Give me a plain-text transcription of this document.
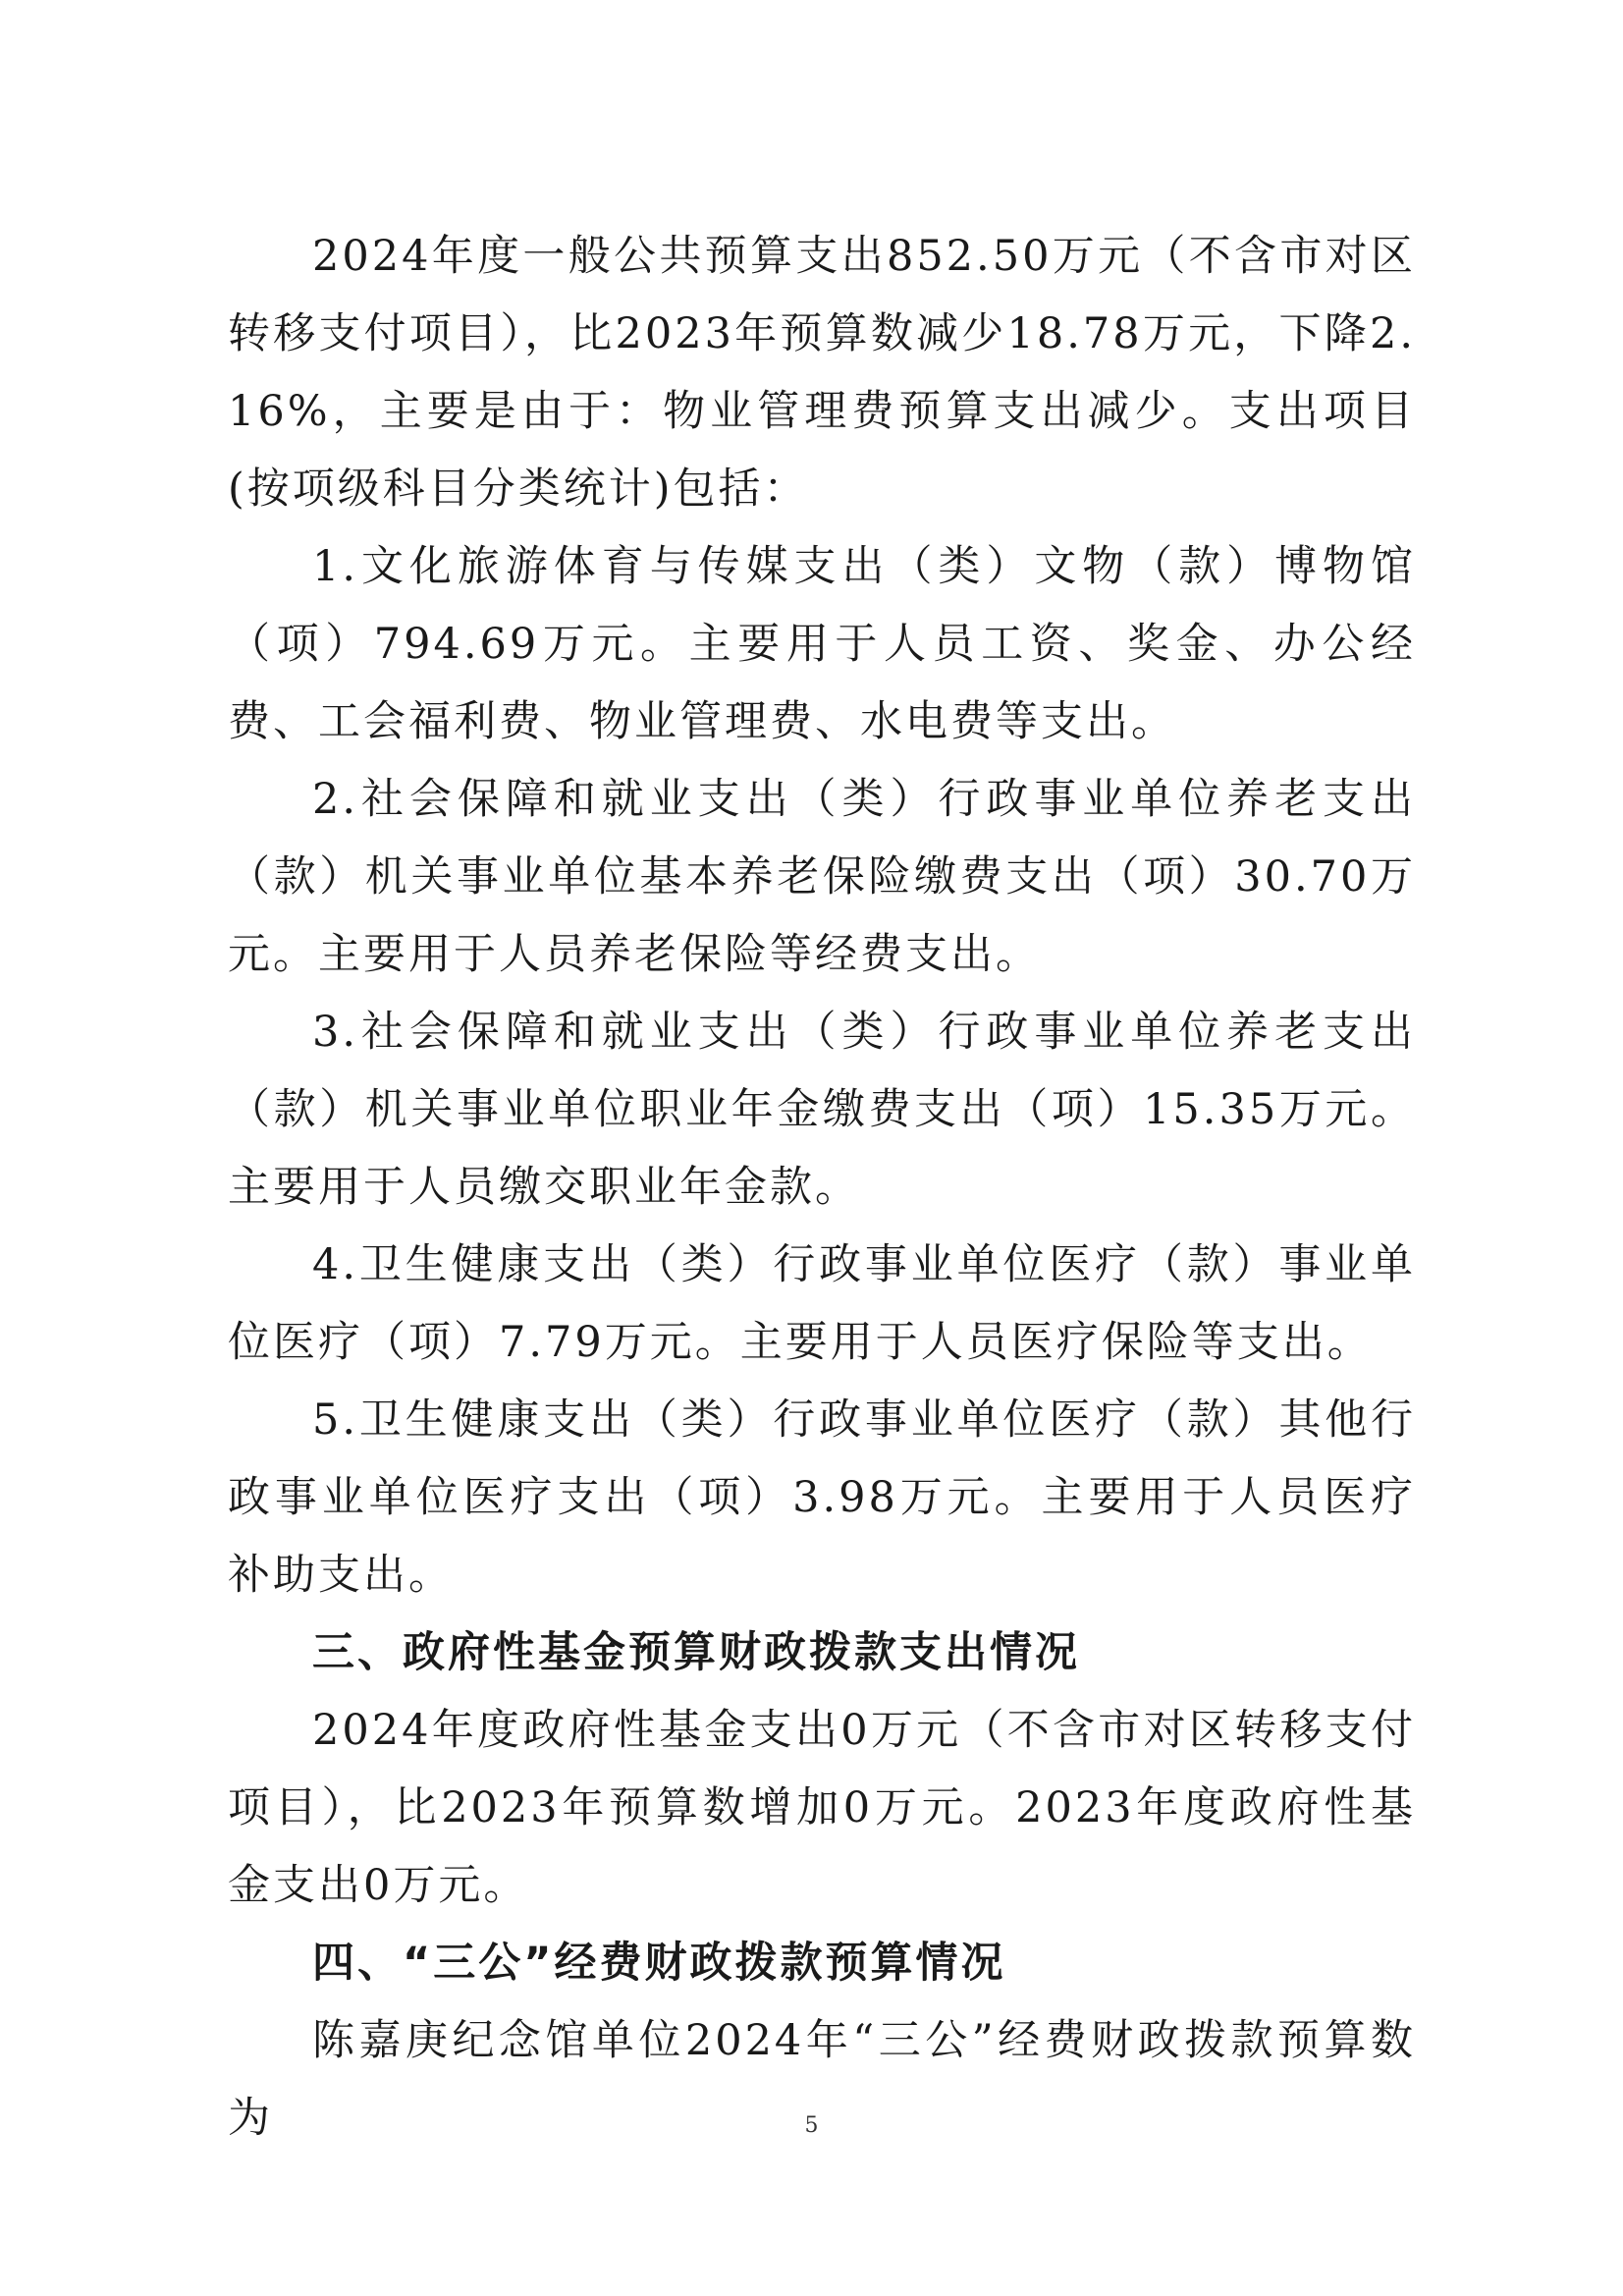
2024年度一般公共预算支出852.50万元（不含市对区转移支付项目），比2023年预算数减少18.78万元，下降2.16%，主要是由于：物业管理费预算支出减少。支出项目(按项级科目分类统计)包括：

1.文化旅游体育与传媒支出（类）文物（款）博物馆（项）794.69万元。主要用于人员工资、奖金、办公经费、工会福利费、物业管理费、水电费等支出。

2.社会保障和就业支出（类）行政事业单位养老支出（款）机关事业单位基本养老保险缴费支出（项）30.70万元。主要用于人员养老保险等经费支出。

3.社会保障和就业支出（类）行政事业单位养老支出（款）机关事业单位职业年金缴费支出（项）15.35万元。主要用于人员缴交职业年金款。

4.卫生健康支出（类）行政事业单位医疗（款）事业单位医疗（项）7.79万元。主要用于人员医疗保险等支出。

5.卫生健康支出（类）行政事业单位医疗（款）其他行政事业单位医疗支出（项）3.98万元。主要用于人员医疗补助支出。

三、政府性基金预算财政拨款支出情况

2024年度政府性基金支出0万元（不含市对区转移支付项目），比2023年预算数增加0万元。2023年度政府性基金支出0万元。

四、“三公”经费财政拨款预算情况

陈嘉庚纪念馆单位2024年“三公”经费财政拨款预算数为	5
